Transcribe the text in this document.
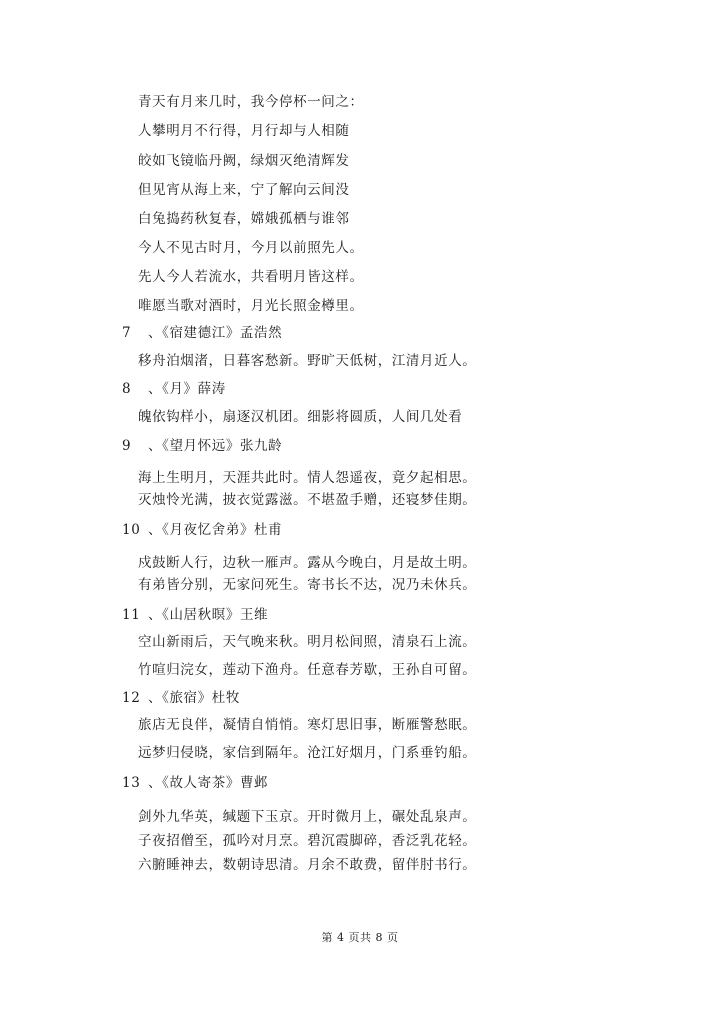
青天有月来几时，我今停杯一问之：
人攀明月不行得，月行却与人相随
皎如飞镜临丹阙，绿烟灭绝清辉发
但见宵从海上来，宁了解向云间没
白兔捣药秋复春，嫦娥孤栖与谁邻
今人不见古时月，今月以前照先人。
先人今人若流水，共看明月皆这样。
唯愿当歌对酒时，月光长照金樽里。
7 、《宿建德江》孟浩然
移舟泊烟渚，日暮客愁新。野旷天低树，江清月近人。
8 、《月》薛涛
魄依钩样小，扇逐汉机团。细影将圆质，人间几处看
9 、《望月怀远》张九龄
海上生明月，天涯共此时。情人怨遥夜，竟夕起相思。
灭烛怜光满，披衣觉露滋。不堪盈手赠，还寝梦佳期。
10 、《月夜忆舍弟》杜甫
戍鼓断人行，边秋一雁声。露从今晚白，月是故土明。
有弟皆分别，无家问死生。寄书长不达，况乃未休兵。
11 、《山居秋暝》王维
空山新雨后，天气晚来秋。明月松间照，清泉石上流。
竹喧归浣女，莲动下渔舟。任意春芳歇，王孙自可留。
12 、《旅宿》杜牧
旅店无良伴，凝情自悄悄。寒灯思旧事，断雁警愁眠。
远梦归侵晓，家信到隔年。沧江好烟月，门系垂钓船。
13 、《故人寄茶》曹邺
剑外九华英，缄题下玉京。开时微月上，碾处乱泉声。
子夜招僧至，孤吟对月烹。碧沉霞脚碎，香泛乳花轻。
六腑睡神去，数朝诗思清。月余不敢费，留伴肘书行。
第 4 页共 8 页
